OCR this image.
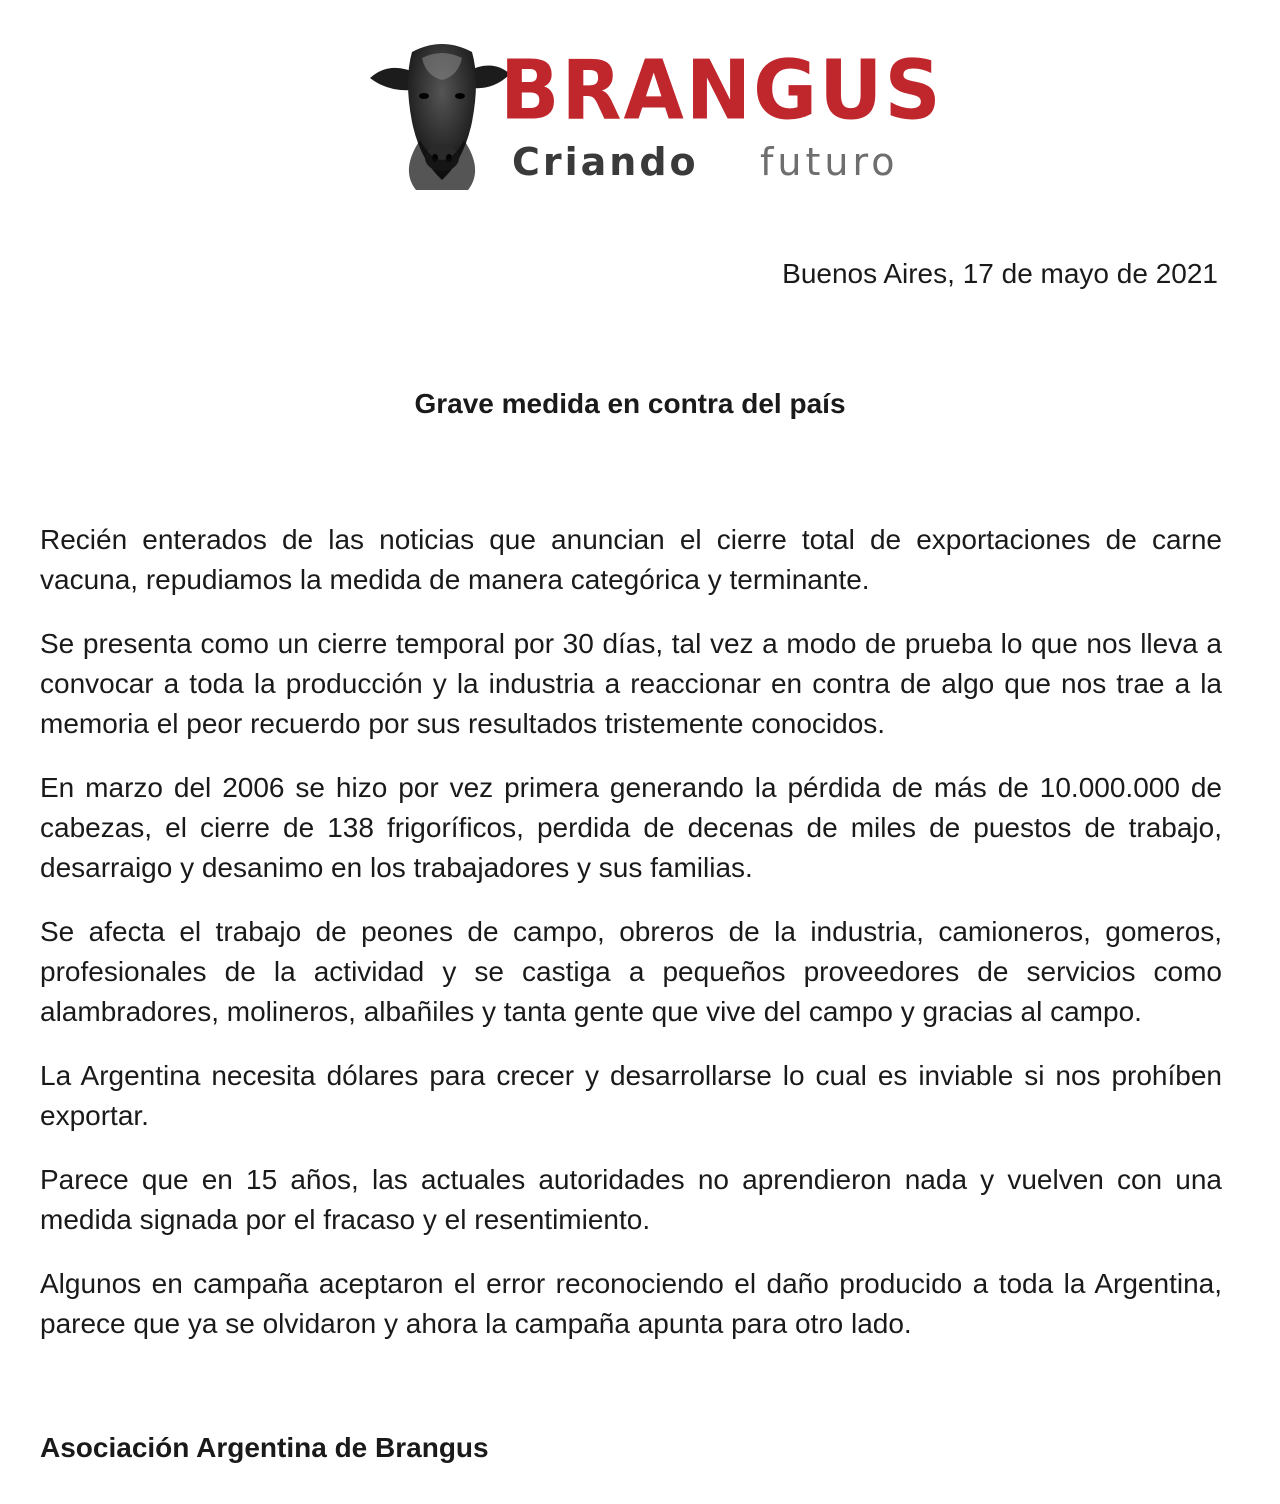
BRANGUS
Criando futuro
Buenos Aires, 17 de mayo de 2021
Grave medida en contra del país

Recién enterados de las noticias que anuncian el cierre total de exportaciones de carne vacuna, repudiamos la medida de manera categórica y terminante.

Se presenta como un cierre temporal por 30 días, tal vez a modo de prueba lo que nos lleva a convocar a toda la producción y la industria a reaccionar en contra de algo que nos trae a la memoria el peor recuerdo por sus resultados tristemente conocidos.

En marzo del 2006 se hizo por vez primera generando la pérdida de más de 10.000.000 de cabezas, el cierre de 138 frigoríficos, perdida de decenas de miles de puestos de trabajo, desarraigo y desanimo en los trabajadores y sus familias.

Se afecta el trabajo de peones de campo, obreros de la industria, camioneros, gomeros, profesionales de la actividad y se castiga a pequeños proveedores de servicios como alambradores, molineros, albañiles y tanta gente que vive del campo y gracias al campo.

La Argentina necesita dólares para crecer y desarrollarse lo cual es inviable si nos prohíben exportar.

Parece que en 15 años, las actuales autoridades no aprendieron nada y vuelven con una medida signada por el fracaso y el resentimiento.

Algunos en campaña aceptaron el error reconociendo el daño producido a toda la Argentina, parece que ya se olvidaron y ahora la campaña apunta para otro lado.

Asociación Argentina de Brangus
